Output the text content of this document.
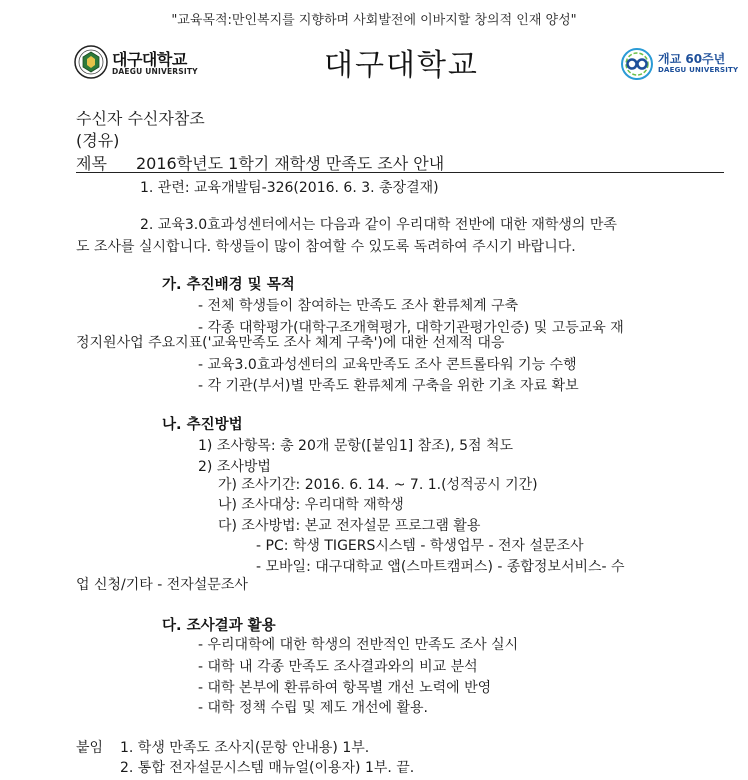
"교육목적:만인복지를 지향하며 사회발전에 이바지할 창의적 인재 양성"
대구대학교
DAEGU UNIVERSITY	대구대학교	개교 60주년
DAEGU UNIVERSITY
수신자 수신자참조
(경유)
제목 2016학년도 1학기 재학생 만족도 조사 안내
1. 관련: 교육개발팀-326(2016. 6. 3. 총장결재)
2. 교육3.0효과성센터에서는 다음과 같이 우리대학 전반에 대한 재학생의 만족
도 조사를 실시합니다. 학생들이 많이 참여할 수 있도록 독려하여 주시기 바랍니다.
가. 추진배경 및 목적
- 전체 학생들이 참여하는 만족도 조사 환류체계 구축
- 각종 대학평가(대학구조개혁평가, 대학기관평가인증) 및 고등교육 재
정지원사업 주요지표('교육만족도 조사 체계 구축')에 대한 선제적 대응
- 교육3.0효과성센터의 교육만족도 조사 콘트롤타워 기능 수행
- 각 기관(부서)별 만족도 환류체계 구축을 위한 기초 자료 확보
나. 추진방법
1) 조사항목: 총 20개 문항([붙임1] 참조), 5점 척도
2) 조사방법
가) 조사기간: 2016. 6. 14. ~ 7. 1.(성적공시 기간)
나) 조사대상: 우리대학 재학생
다) 조사방법: 본교 전자설문 프로그램 활용
- PC: 학생 TIGERS시스템 - 학생업무 - 전자 설문조사
- 모바일: 대구대학교 앱(스마트캠퍼스) - 종합정보서비스- 수
업 신청/기타 - 전자설문조사
다. 조사결과 활용
- 우리대학에 대한 학생의 전반적인 만족도 조사 실시
- 대학 내 각종 만족도 조사결과와의 비교 분석
- 대학 본부에 환류하여 항목별 개선 노력에 반영
- 대학 정책 수립 및 제도 개선에 활용.
붙임 1. 학생 만족도 조사지(문항 안내용) 1부.
2. 통합 전자설문시스템 매뉴얼(이용자) 1부. 끝.
